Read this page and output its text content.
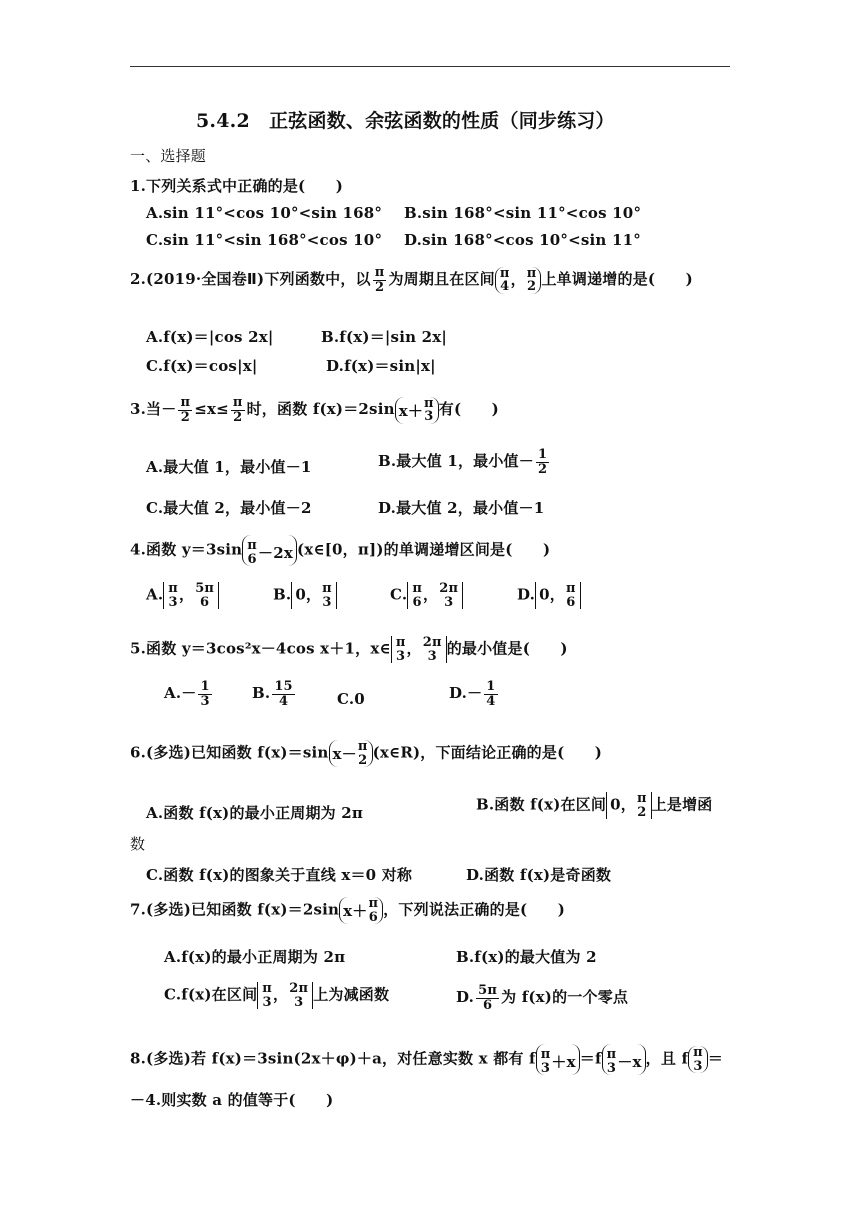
5.4.2　正弦函数、余弦函数的性质（同步练习）
一、选择题
1.下列关系式中正确的是(　　)
A.sin 11°<cos 10°<sin 168° B.sin 168°<sin 11°<cos 10°
C.sin 11°<sin 168°<cos 10° D.sin 168°<cos 10°<sin 11°
2.(2019·全国卷Ⅱ)下列函数中，以 $\frac{\pi}{2}$ 为周期且在区间 π
4 ， π
2 上单调递增的是(　　)
A.f(x)＝|cos 2x|	B.f(x)＝|sin 2x|
C.f(x)＝cos|x|	D.f(x)＝sin|x|
3.当－ $\frac{\pi}{2} \le x\le \frac{\pi}{2}$ 时，函数 f(x)＝2sin x＋ π
3 有(　　)
A.最大值 1，最小值－1	B.最大值 1，最小值－ $\frac{1}{2}$
C.最大值 2，最小值－2	D.最大值 2，最小值－1
4.函数 y＝3sin π
6 －2x (x∈[0，π])的单调递增区间是(　　)
A. π
3 ， 5π
6	B. 0， π
3	C. π
6 ， 2π
3	D. 0， π
6
5.函数 y＝3cos²x－4cos x＋1，x∈ π
3 ， 2π
3 的最小值是(　　)
$A.- \frac{1}{3}$	B. $\frac{15}{4}$	C.0	$D.- \frac{1}{4}$
6.(多选)已知函数 f(x)＝sin x－ π
2 (x∈R)，下面结论正确的是(　　)
A.函数 f(x)的最小正周期为 2π	B.函数 f(x)在区间 0， π
2 上是增函
数
C.函数 f(x)的图象关于直线 x＝0 对称	D.函数 f(x)是奇函数
7.(多选)已知函数 f(x)＝2sin x＋ π
6 ，下列说法正确的是(　　)
A.f(x)的最小正周期为 2π	B.f(x)的最大值为 2
C.f(x)在区间 π
3 ， 2π
3 上为减函数	D. $\frac{5\pi}{6}$ 为 f(x)的一个零点
8.(多选)若 f(x)＝3sin(2x＋φ)＋a，对任意实数 x 都有 f π
3 ＋x ＝f π
3 －x ，且 f π
3 ＝
－4.则实数 a 的值等于(　　)
